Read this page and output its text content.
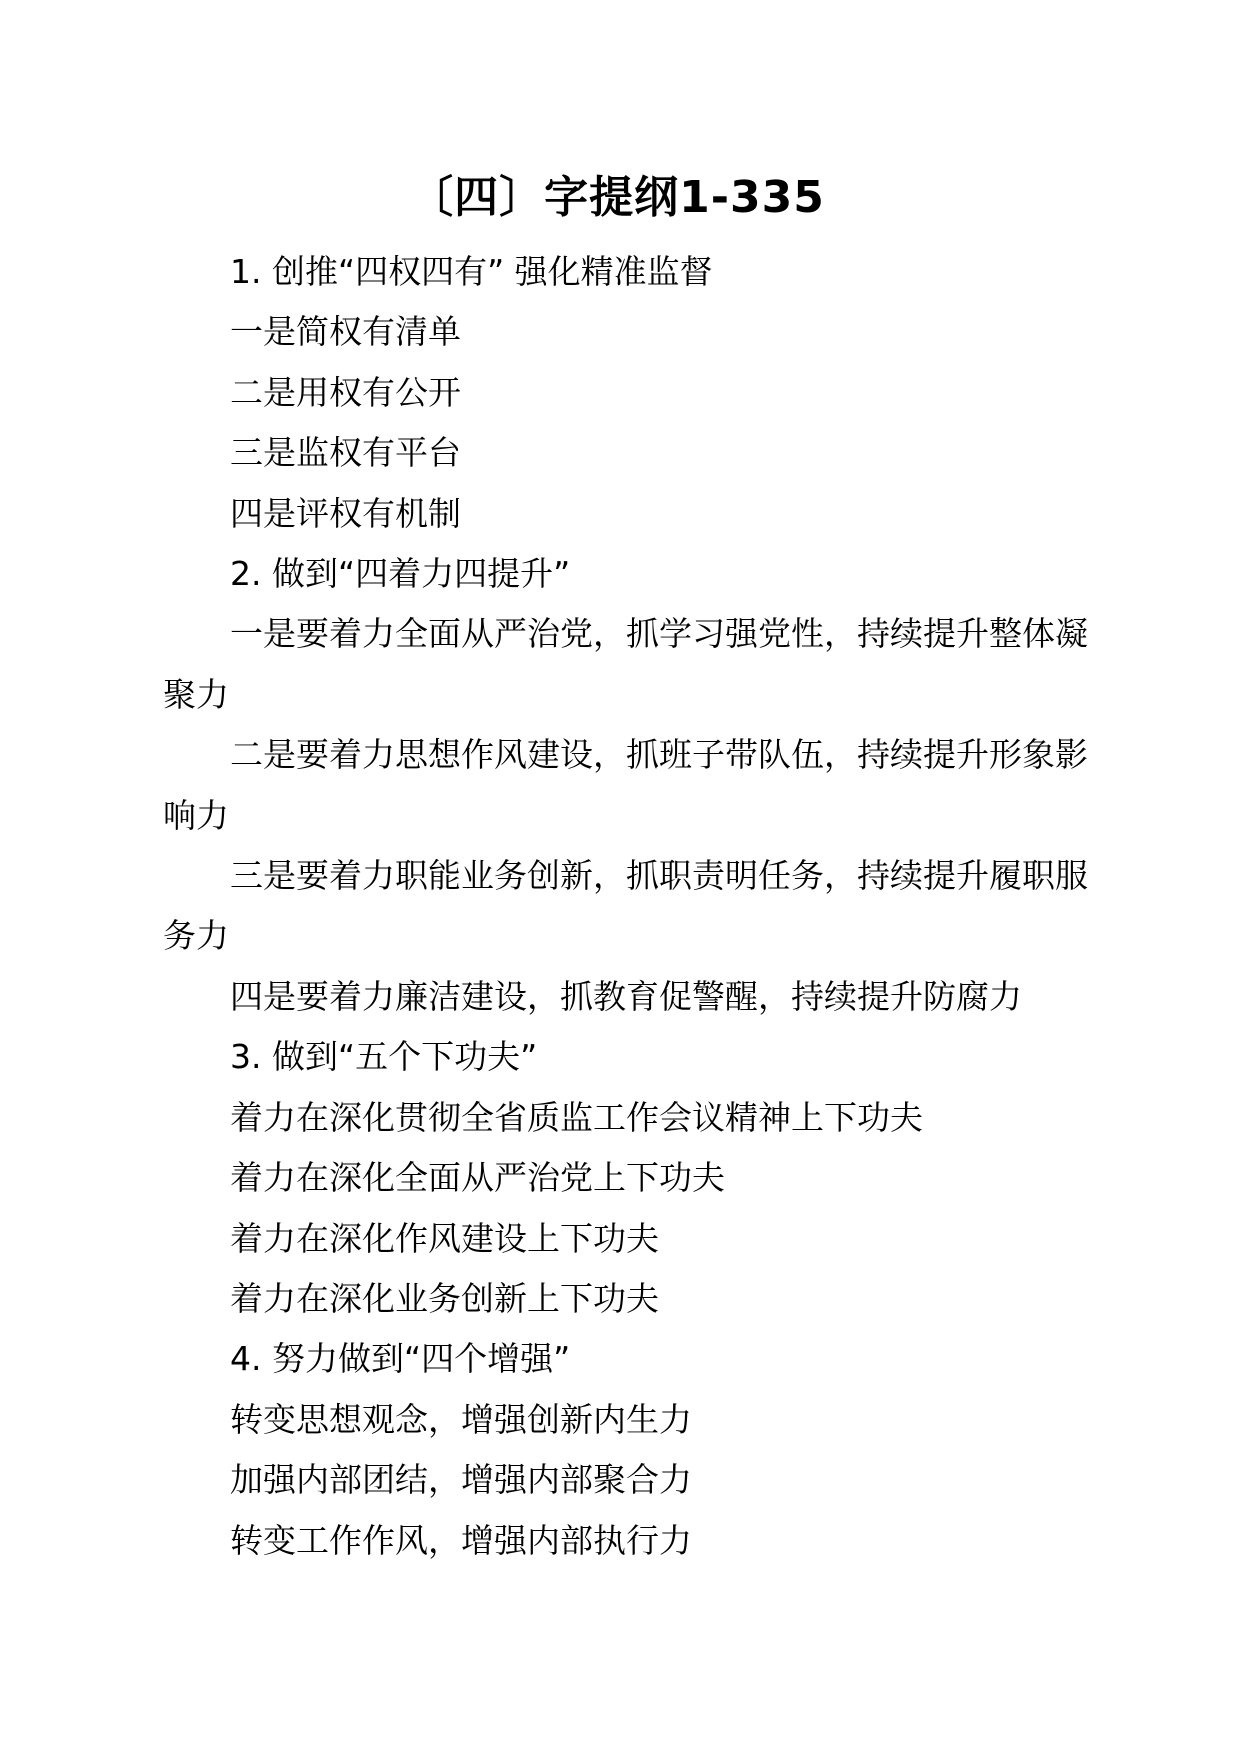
〔四〕字提纲1-335

1. 创推“四权四有” 强化精准监督

一是简权有清单

二是用权有公开

三是监权有平台

四是评权有机制

2. 做到“四着力四提升”

一是要着力全面从严治党，抓学习强党性，持续提升整体凝聚力

二是要着力思想作风建设，抓班子带队伍，持续提升形象影响力

三是要着力职能业务创新，抓职责明任务，持续提升履职服务力

四是要着力廉洁建设，抓教育促警醒，持续提升防腐力

3. 做到“五个下功夫”

着力在深化贯彻全省质监工作会议精神上下功夫

着力在深化全面从严治党上下功夫

着力在深化作风建设上下功夫

着力在深化业务创新上下功夫

4. 努力做到“四个增强”

转变思想观念，增强创新内生力

加强内部团结，增强内部聚合力

转变工作作风，增强内部执行力
